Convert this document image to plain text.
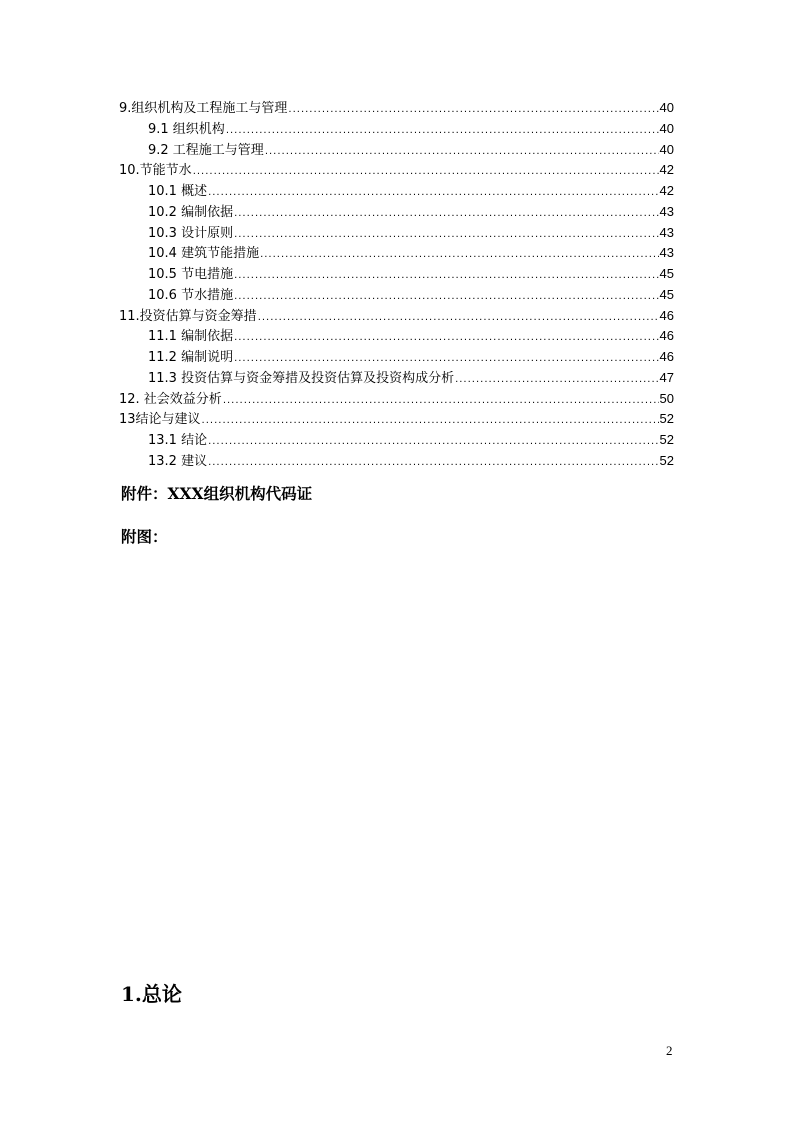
9.组织机构及工程施工与管理 .....	40
9.1 组织机构 .....	40
9.2 工程施工与管理 .....	40
10.节能节水 .....	42
10.1 概述 .....	42
10.2 编制依据 .....	43
10.3 设计原则 .....	43
10.4 建筑节能措施 .....	43
10.5 节电措施 .....	45
10.6 节水措施 .....	45
11.投资估算与资金筹措 .....	46
11.1 编制依据 .....	46
11.2 编制说明 .....	46
11.3 投资估算与资金筹措及投资估算及投资构成分析 .....	47
12. 社会效益分析 .....	50
13结论与建议 .....	52
13.1 结论 .....	52
13.2 建议 .....	52
附件：XXX组织机构代码证
附图：
1.总论
2
